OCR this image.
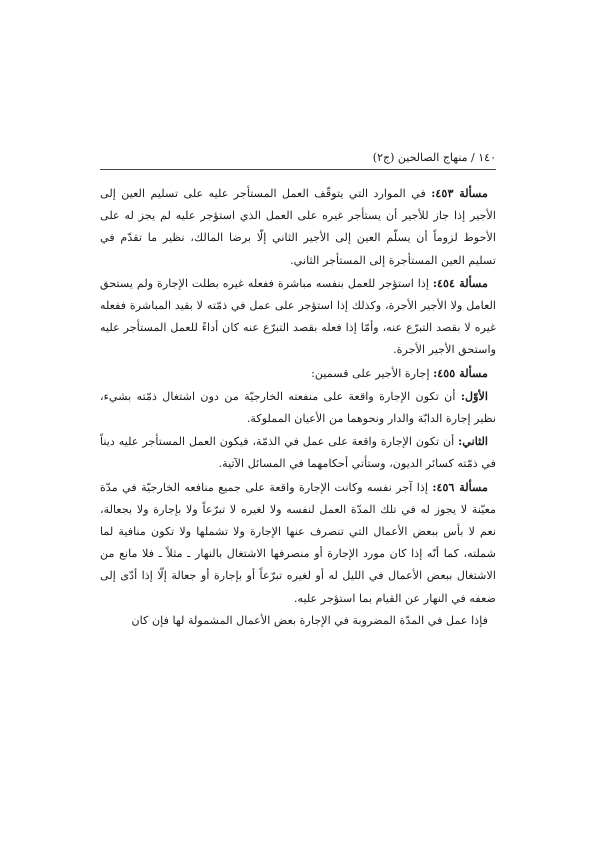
١٤٠ / منهاج الصالحين (ج٢)

مسألة ٤٥٣: في الموارد التي يتوقّف العمل المستأجر عليه على تسليم العين إلى الأجير إذا جاز للأجير أن يستأجر غيره على العمل الذي استؤجر عليه لم يجز له على الأحوط لزوماً أن يسلّم العين إلى الأجير الثاني إلّا برضا المالك، نظير ما تقدّم في تسليم العين المستأجرة إلى المستأجر الثاني.

مسألة ٤٥٤: إذا استؤجر للعمل بنفسه مباشرة ففعله غيره بطلت الإجارة ولم يستحق العامل ولا الأجير الأجرة، وكذلك إذا استؤجر على عمل في ذمّته لا بقيد المباشرة ففعله غيره لا بقصد التبرّع عنه، وأمّا إذا فعله بقصد التبرّع عنه كان أداءً للعمل المستأجر عليه واستحق الأجير الأجرة.

مسألة ٤٥٥: إجارة الأجير على قسمين:

الأوّل: أن تكون الإجارة واقعة على منفعته الخارجيّة من دون اشتغال ذمّته بشيء، نظير إجارة الدابّة والدار ونحوهما من الأعيان المملوكة.

الثاني: أن تكون الإجارة واقعة على عمل في الذمّة، فيكون العمل المستأجر عليه ديناً في ذمّته كسائر الديون، وستأتي أحكامهما في المسائل الآتية.

مسألة ٤٥٦: إذا آجر نفسه وكانت الإجارة واقعة على جميع منافعه الخارجيّة في مدّة معيّنة لا يجوز له في تلك المدّة العمل لنفسه ولا لغيره لا تبرّعاً ولا بإجارة ولا بجعالة، نعم لا بأس ببعض الأعمال التي تنصرف عنها الإجارة ولا تشملها ولا تكون منافية لما شملته، كما أنّه إذا كان مورد الإجارة أو منصرفها الاشتغال بالنهار ـ مثلاً ـ فلا مانع من الاشتغال ببعض الأعمال في الليل له أو لغيره تبرّعاً أو بإجارة أو جعالة إلّا إذا أدّى إلى ضعفه في النهار عن القيام بما استؤجر عليه.

فإذا عمل في المدّة المضروبة في الإجارة بعض الأعمال المشمولة لها فإن كان
